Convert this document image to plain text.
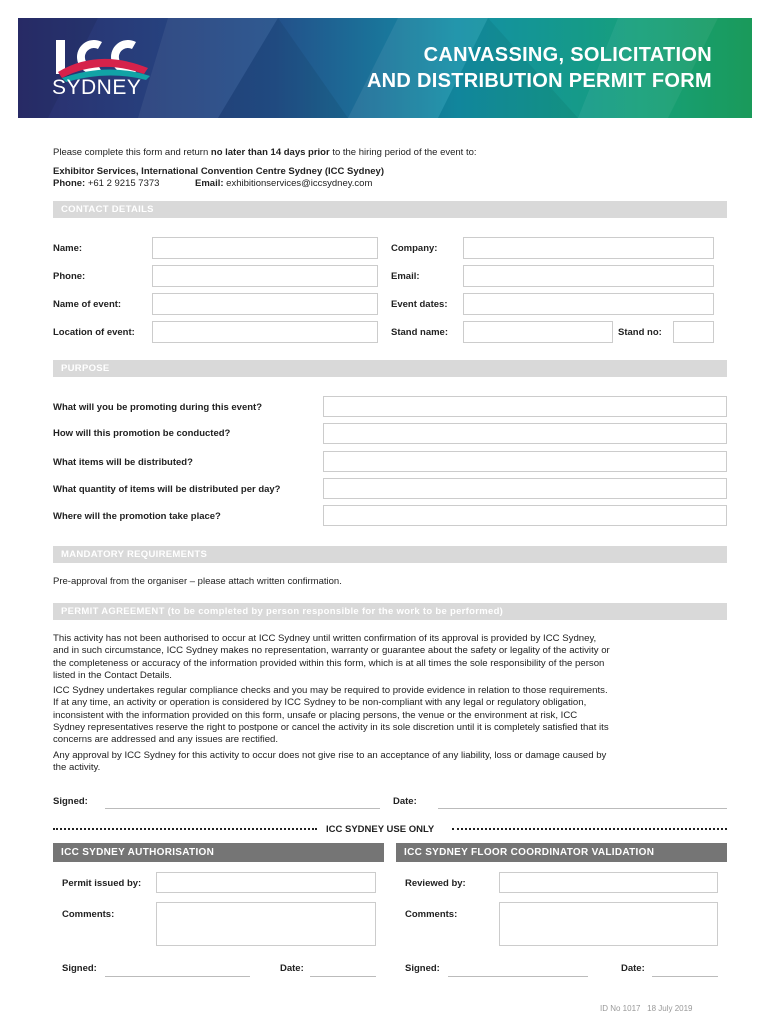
SYDNEY
CANVASSING, SOLICITATION
AND DISTRIBUTION PERMIT FORM
Please complete this form and return no later than 14 days prior to the hiring period of the event to:
Exhibitor Services, International Convention Centre Sydney (ICC Sydney)
Phone: +61 2 9215 7373	Email: exhibitionservices@iccsydney.com
CONTACT DETAILS
Name:	Company:
Phone:	Email:
Name of event:	Event dates:
Location of event:	Stand name:	Stand no:
PURPOSE
What will you be promoting during this event?
How will this promotion be conducted?
What items will be distributed?
What quantity of items will be distributed per day?
Where will the promotion take place?
MANDATORY REQUIREMENTS
Pre-approval from the organiser – please attach written confirmation.
PERMIT AGREEMENT (to be completed by person responsible for the work to be performed)
This activity has not been authorised to occur at ICC Sydney until written confirmation of its approval is provided by ICC Sydney,
and in such circumstance, ICC Sydney makes no representation, warranty or guarantee about the safety or legality of the activity or
the completeness or accuracy of the information provided within this form, which is at all times the sole responsibility of the person
listed in the Contact Details.
ICC Sydney undertakes regular compliance checks and you may be required to provide evidence in relation to those requirements.
If at any time, an activity or operation is considered by ICC Sydney to be non-compliant with any legal or regulatory obligation,
inconsistent with the information provided on this form, unsafe or placing persons, the venue or the environment at risk, ICC
Sydney representatives reserve the right to postpone or cancel the activity in its sole discretion until it is completely satisfied that its
concerns are addressed and any issues are rectified.
Any approval by ICC Sydney for this activity to occur does not give rise to an acceptance of any liability, loss or damage caused by
the activity.
Signed:	Date:
ICC SYDNEY USE ONLY
ICC SYDNEY AUTHORISATION
Permit issued by:
Comments:
Signed:	Date:
ICC SYDNEY FLOOR COORDINATOR VALIDATION
Reviewed by:
Comments:
Signed:	Date:
ID No 1017   18 July 2019
